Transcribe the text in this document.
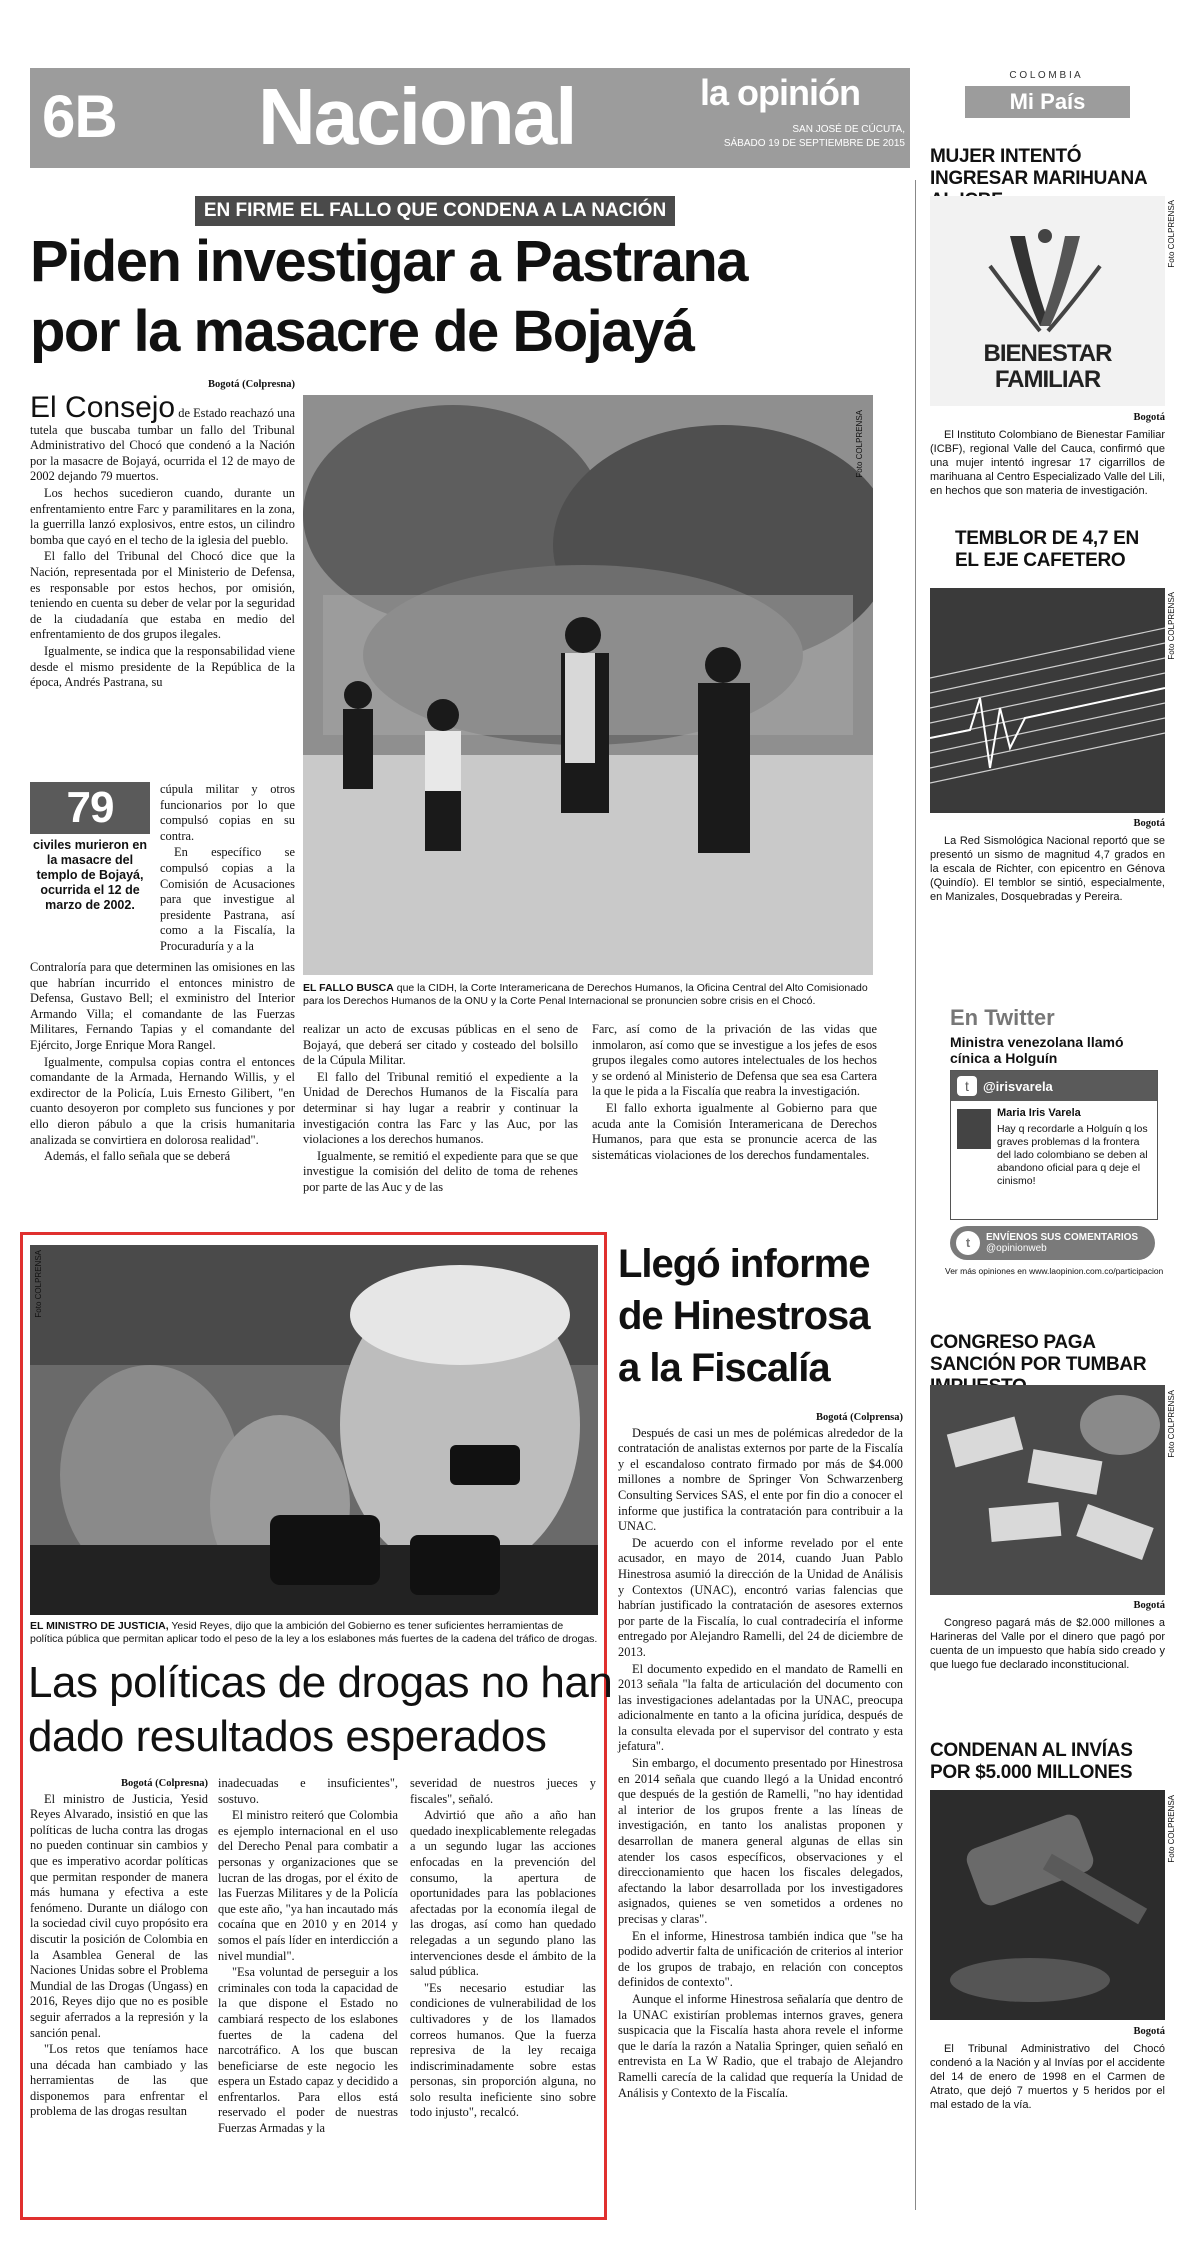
6B Nacional	la opinión
SAN JOSÉ DE CÚCUTA,
SÁBADO 19 DE SEPTIEMBRE DE 2015
C O L O M B I A
Mi País
EN FIRME EL FALLO QUE CONDENA A LA NACIÓN
Piden investigar a Pastrana
por la masacre de Bojayá
Bogotá (Colpresna)

El Consejo de Estado reachazó una tutela que buscaba tumbar un fallo del Tribunal Administrativo del Chocó que condenó a la Nación por la masacre de Bojayá, ocurrida el 12 de mayo de 2002 dejando 79 muertos.

Los hechos sucedieron cuando, durante un enfrentamiento entre Farc y paramilitares en la zona, la guerrilla lanzó explosivos, entre estos, un cilindro bomba que cayó en el techo de la iglesia del pueblo.

El fallo del Tribunal del Chocó dice que la Nación, representada por el Ministerio de Defensa, es responsable por estos hechos, por omisión, teniendo en cuenta su deber de velar por la seguridad de la ciudadanía que estaba en medio del enfrentamiento de dos grupos ilegales.

Igualmente, se indica que la responsabilidad viene desde el mismo presidente de la República de la época, Andrés Pastrana, su

79
civiles murieron en la masacre del templo de Bojayá, ocurrida el 12 de marzo de 2002.

cúpula militar y otros funcionarios por lo que compulsó copias en su contra.

En específico se compulsó copias a la Comisión de Acusaciones para que investigue al presidente Pastrana, así como a la Fiscalía, la Procuraduría y a la

Contraloría para que determinen las omisiones en las que habrían incurrido el entonces ministro de Defensa, Gustavo Bell; el exministro del Interior Armando Villa; el comandante de las Fuerzas Militares, Fernando Tapias y el comandante del Ejército, Jorge Enrique Mora Rangel.

Igualmente, compulsa copias contra el entonces comandante de la Armada, Hernando Willis, y el exdirector de la Policía, Luis Ernesto Gilibert, "en cuanto desoyeron por completo sus funciones y por ello dieron pábulo a que la crisis humanitaria analizada se convirtiera en dolorosa realidad".

Además, el fallo señala que se deberá

Foto COLPRENSA
EL FALLO BUSCA que la CIDH, la Corte Interamericana de Derechos Humanos, la Oficina Central del Alto Comisionado para los Derechos Humanos de la ONU y la Corte Penal Internacional se pronuncien sobre crisis en el Chocó.

realizar un acto de excusas públicas en el seno de Bojayá, que deberá ser citado y costeado del bolsillo de la Cúpula Militar.

El fallo del Tribunal remitió el expediente a la Unidad de Derechos Humanos de la Fiscalía para determinar si hay lugar a reabrir y continuar la investigación contra las Farc y las Auc, por las violaciones a los derechos humanos.

Igualmente, se remitió el expediente para que se que investigue la comisión del delito de toma de rehenes por parte de las Auc y de las

Farc, así como de la privación de las vidas que inmolaron, así como que se investigue a los jefes de esos grupos ilegales como autores intelectuales de los hechos y se ordenó al Ministerio de Defensa que sea esa Cartera la que le pida a la Fiscalía que reabra la investigación.

El fallo exhorta igualmente al Gobierno para que acuda ante la Comisión Interamericana de Derechos Humanos, para que esta se pronuncie acerca de las sistemáticas violaciones de los derechos fundamentales.

Foto COLPRENSA
EL MINISTRO DE JUSTICIA, Yesid Reyes, dijo que la ambición del Gobierno es tener suficientes herramientas de política pública que permitan aplicar todo el peso de la ley a los eslabones más fuertes de la cadena del tráfico de drogas.
Las políticas de drogas no han
dado resultados esperados
Bogotá (Colpresna)

El ministro de Justicia, Yesid Reyes Alvarado, insistió en que las políticas de lucha contra las drogas no pueden continuar sin cambios y que es imperativo acordar políticas que permitan responder de manera más humana y efectiva a este fenómeno. Durante un diálogo con la sociedad civil cuyo propósito era discutir la posición de Colombia en la Asamblea General de las Naciones Unidas sobre el Problema Mundial de las Drogas (Ungass) en 2016, Reyes dijo que no es posible seguir aferrados a la represión y la sanción penal.

"Los retos que teníamos hace una década han cambiado y las herramientas de las que disponemos para enfrentar el problema de las drogas resultan

inadecuadas e insuficientes", sostuvo.

El ministro reiteró que Colombia es ejemplo internacional en el uso del Derecho Penal para combatir a personas y organizaciones que se lucran de las drogas, por el éxito de las Fuerzas Militares y de la Policía que este año, "ya han incautado más cocaína que en 2010 y en 2014 y somos el país líder en interdicción a nivel mundial".

"Esa voluntad de perseguir a los criminales con toda la capacidad de la que dispone el Estado no cambiará respecto de los eslabones fuertes de la cadena del narcotráfico. A los que buscan beneficiarse de este negocio les espera un Estado capaz y decidido a enfrentarlos. Para ellos está reservado el poder de nuestras Fuerzas Armadas y la

severidad de nuestros jueces y fiscales", señaló.

Advirtió que año a año han quedado inexplicablemente relegadas a un segundo lugar las acciones enfocadas en la prevención del consumo, la apertura de oportunidades para las poblaciones afectadas por la economía ilegal de las drogas, así como han quedado relegadas a un segundo plano las intervenciones desde el ámbito de la salud pública.

"Es necesario estudiar las condiciones de vulnerabilidad de los cultivadores y de los llamados correos humanos. Que la fuerza represiva de la ley recaiga indiscriminadamente sobre estas personas, sin proporción alguna, no solo resulta ineficiente sino sobre todo injusto", recalcó.

Llegó informe
de Hinestrosa
a la Fiscalía
Bogotá (Colprensa)

Después de casi un mes de polémicas alrededor de la contratación de analistas externos por parte de la Fiscalía y el escandaloso contrato firmado por más de $4.000 millones a nombre de Springer Von Schwarzenberg Consulting Services SAS, el ente por fin dio a conocer el informe que justifica la contratación para contribuir a la UNAC.

De acuerdo con el informe revelado por el ente acusador, en mayo de 2014, cuando Juan Pablo Hinestrosa asumió la dirección de la Unidad de Análisis y Contextos (UNAC), encontró varias falencias que habrían justificado la contratación de asesores externos por parte de la Fiscalía, lo cual contradeciría el informe entregado por Alejandro Ramelli, del 24 de diciembre de 2013.

El documento expedido en el mandato de Ramelli en 2013 señala "la falta de articulación del documento con las investigaciones adelantadas por la UNAC, preocupa adicionalmente en tanto a la oficina jurídica, después de la consulta elevada por el supervisor del contrato y esta jefatura".

Sin embargo, el documento presentado por Hinestrosa en 2014 señala que cuando llegó a la Unidad encontró que después de la gestión de Ramelli, "no hay identidad al interior de los grupos frente a las líneas de investigación, en tanto los analistas proponen y desarrollan de manera general algunas de ellas sin atender los casos específicos, observaciones y el direccionamiento que hacen los fiscales delegados, afectando la labor desarrollada por los investigadores asignados, quienes se ven sometidos a ordenes no precisas y claras".

En el informe, Hinestrosa también indica que "se ha podido advertir falta de unificación de criterios al interior de los grupos de trabajo, en relación con conceptos definidos de contexto".

Aunque el informe Hinestrosa señalaría que dentro de la UNAC existirían problemas internos graves, genera suspicacia que la Fiscalía hasta ahora revele el informe que le daría la razón a Natalia Springer, quien señaló en entrevista en La W Radio, que el trabajo de Alejandro Ramelli carecía de la calidad que requería la Unidad de Análisis y Contexto de la Fiscalía.

MUJER INTENTÓ INGRESAR MARIHUANA
BIENESTAR
FAMILIAR
Foto COLPRENSA
Bogotá
El Instituto Colombiano de Bienestar Familiar (ICBF), regional Valle del Cauca, confirmó que una mujer intentó ingresar 17 cigarrillos de marihuana al Centro Especializado Valle del Lili, en hechos que son materia de investigación.
TEMBLOR DE 4,7 EN EL EJE CAFETERO
Foto COLPRENSA
Bogotá
La Red Sismológica Nacional reportó que se presentó un sismo de magnitud 4,7 grados en la escala de Richter, con epicentro en Génova (Quindío). El temblor se sintió, especialmente, en Manizales, Dosquebradas y Pereira.
En Twitter
Ministra venezolana llamó cínica a Holguín
t	@irisvarela
Maria Iris Varela
Hay q recordarle a Holguín q los graves problemas d la frontera del lado colombiano se deben al abandono oficial para q deje el cinismo!
t	ENVÍENOS SUS COMENTARIOS
@opinionweb
Ver más opiniones en www.laopinion.com.co/participacion
CONGRESO PAGA SANCIÓN POR TUMBAR
Foto COLPRENSA
Bogotá
Congreso pagará más de $2.000 millones a Harineras del Valle por el dinero que pagó por cuenta de un impuesto que había sido creado y que luego fue declarado inconstitucional.
CONDENAN AL INVÍAS POR $5.000 MILLONES
Foto COLPRENSA
Bogotá
El Tribunal Administrativo del Chocó condenó a la Nación y al Invías por el accidente del 14 de enero de 1998 en el Carmen de Atrato, que dejó 7 muertos y 5 heridos por el mal estado de la vía.
